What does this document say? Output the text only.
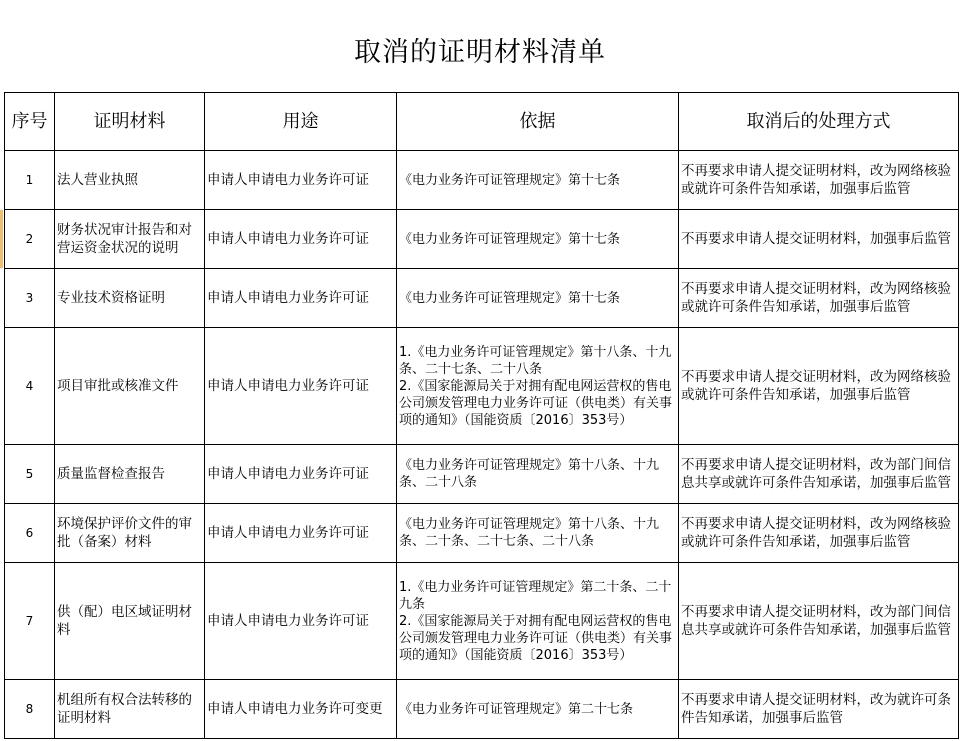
取消的证明材料清单
序号	证明材料	用途	依据	取消后的处理方式
1	法人营业执照	申请人申请电力业务许可证	《电力业务许可证管理规定》第十七条	不再要求申请人提交证明材料，改为网络核验或就许可条件告知承诺，加强事后监管
2	财务状况审计报告和对营运资金状况的说明	申请人申请电力业务许可证	《电力业务许可证管理规定》第十七条	不再要求申请人提交证明材料，加强事后监管
3	专业技术资格证明	申请人申请电力业务许可证	《电力业务许可证管理规定》第十七条	不再要求申请人提交证明材料，改为网络核验或就许可条件告知承诺，加强事后监管
4	项目审批或核准文件	申请人申请电力业务许可证	1.《电力业务许可证管理规定》第十八条、十九条、二十七条、二十八条
2.《国家能源局关于对拥有配电网运营权的售电公司颁发管理电力业务许可证（供电类）有关事项的通知》（国能资质〔2016〕353号）	不再要求申请人提交证明材料，改为网络核验或就许可条件告知承诺，加强事后监管
5	质量监督检查报告	申请人申请电力业务许可证	《电力业务许可证管理规定》第十八条、十九条、二十八条	不再要求申请人提交证明材料，改为部门间信息共享或就许可条件告知承诺，加强事后监管
6	环境保护评价文件的审批（备案）材料	申请人申请电力业务许可证	《电力业务许可证管理规定》第十八条、十九条、二十条、二十七条、二十八条	不再要求申请人提交证明材料，改为网络核验或就许可条件告知承诺，加强事后监管
7	供（配）电区域证明材料	申请人申请电力业务许可证	1.《电力业务许可证管理规定》第二十条、二十九条
2.《国家能源局关于对拥有配电网运营权的售电公司颁发管理电力业务许可证（供电类）有关事项的通知》（国能资质〔2016〕353号）	不再要求申请人提交证明材料，改为部门间信息共享或就许可条件告知承诺，加强事后监管
8	机组所有权合法转移的证明材料	申请人申请电力业务许可变更	《电力业务许可证管理规定》第二十七条	不再要求申请人提交证明材料，改为就许可条件告知承诺，加强事后监管
